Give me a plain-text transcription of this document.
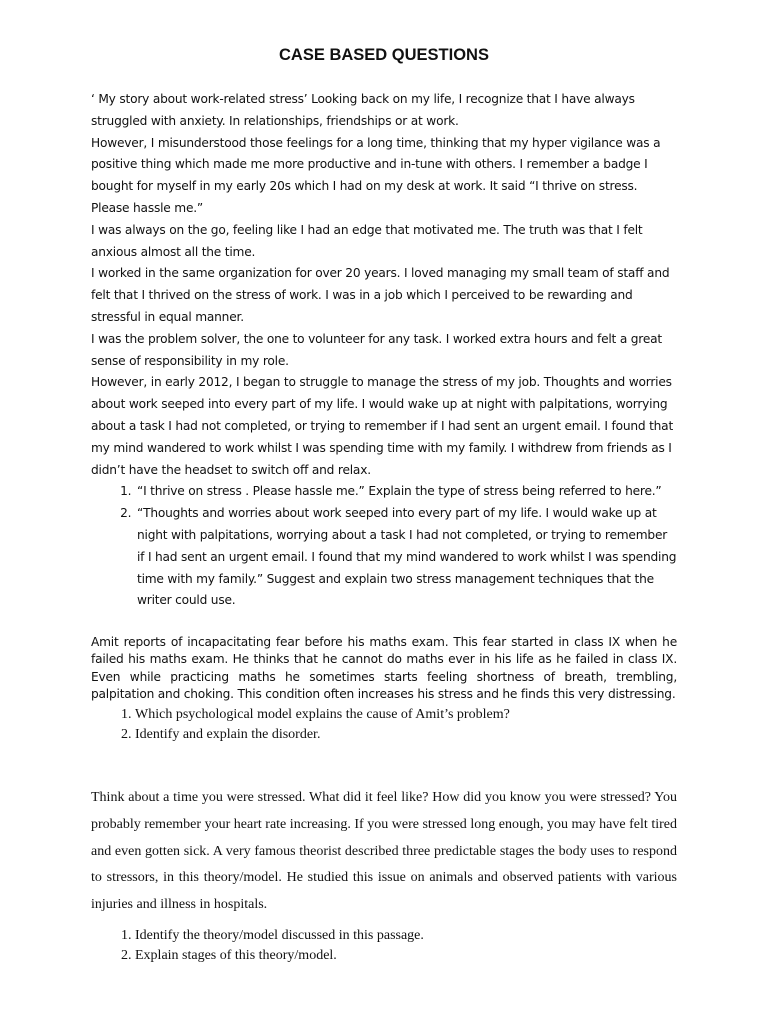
CASE BASED QUESTIONS

‘ My story about work-related stress’ Looking back on my life, I recognize that I have always struggled with anxiety. In relationships, friendships or at work.

However, I misunderstood those feelings for a long time, thinking that my hyper vigilance was a positive thing which made me more productive and in-tune with others. I remember a badge I bought for myself in my early 20s which I had on my desk at work. It said “I thrive on stress. Please hassle me.”

I was always on the go, feeling like I had an edge that motivated me. The truth was that I felt anxious almost all the time.

I worked in the same organization for over 20 years. I loved managing my small team of staff and felt that I thrived on the stress of work. I was in a job which I perceived to be rewarding and stressful in equal manner.

I was the problem solver, the one to volunteer for any task. I worked extra hours and felt a great sense of responsibility in my role.

However, in early 2012, I began to struggle to manage the stress of my job. Thoughts and worries about work seeped into every part of my life. I would wake up at night with palpitations, worrying about a task I had not completed, or trying to remember if I had sent an urgent email. I found that my mind wandered to work whilst I was spending time with my family. I withdrew from friends as I didn’t have the headset to switch off and relax.

1. “I thrive on stress . Please hassle me.” Explain the type of stress being referred to here.”
2. “Thoughts and worries about work seeped into every part of my life. I would wake up at night with palpitations, worrying about a task I had not completed, or trying to remember if I had sent an urgent email. I found that my mind wandered to work whilst I was spending time with my family.” Suggest and explain two stress management techniques that the writer could use.

Amit reports of incapacitating fear before his maths exam. This fear started in class IX when he failed his maths exam. He thinks that he cannot do maths ever in his life as he failed in class IX. Even while practicing maths he sometimes starts feeling shortness of breath, trembling, palpitation and choking. This condition often increases his stress and he finds this very distressing.

1. Which psychological model explains the cause of Amit’s problem?
2. Identify and explain the disorder.

Think about a time you were stressed. What did it feel like? How did you know you were stressed? You probably remember your heart rate increasing. If you were stressed long enough, you may have felt tired and even gotten sick. A very famous theorist described three predictable stages the body uses to respond to stressors, in this theory/model. He studied this issue on animals and observed patients with various injuries and illness in hospitals.

1. Identify the theory/model discussed in this passage.
2. Explain stages of this theory/model.
